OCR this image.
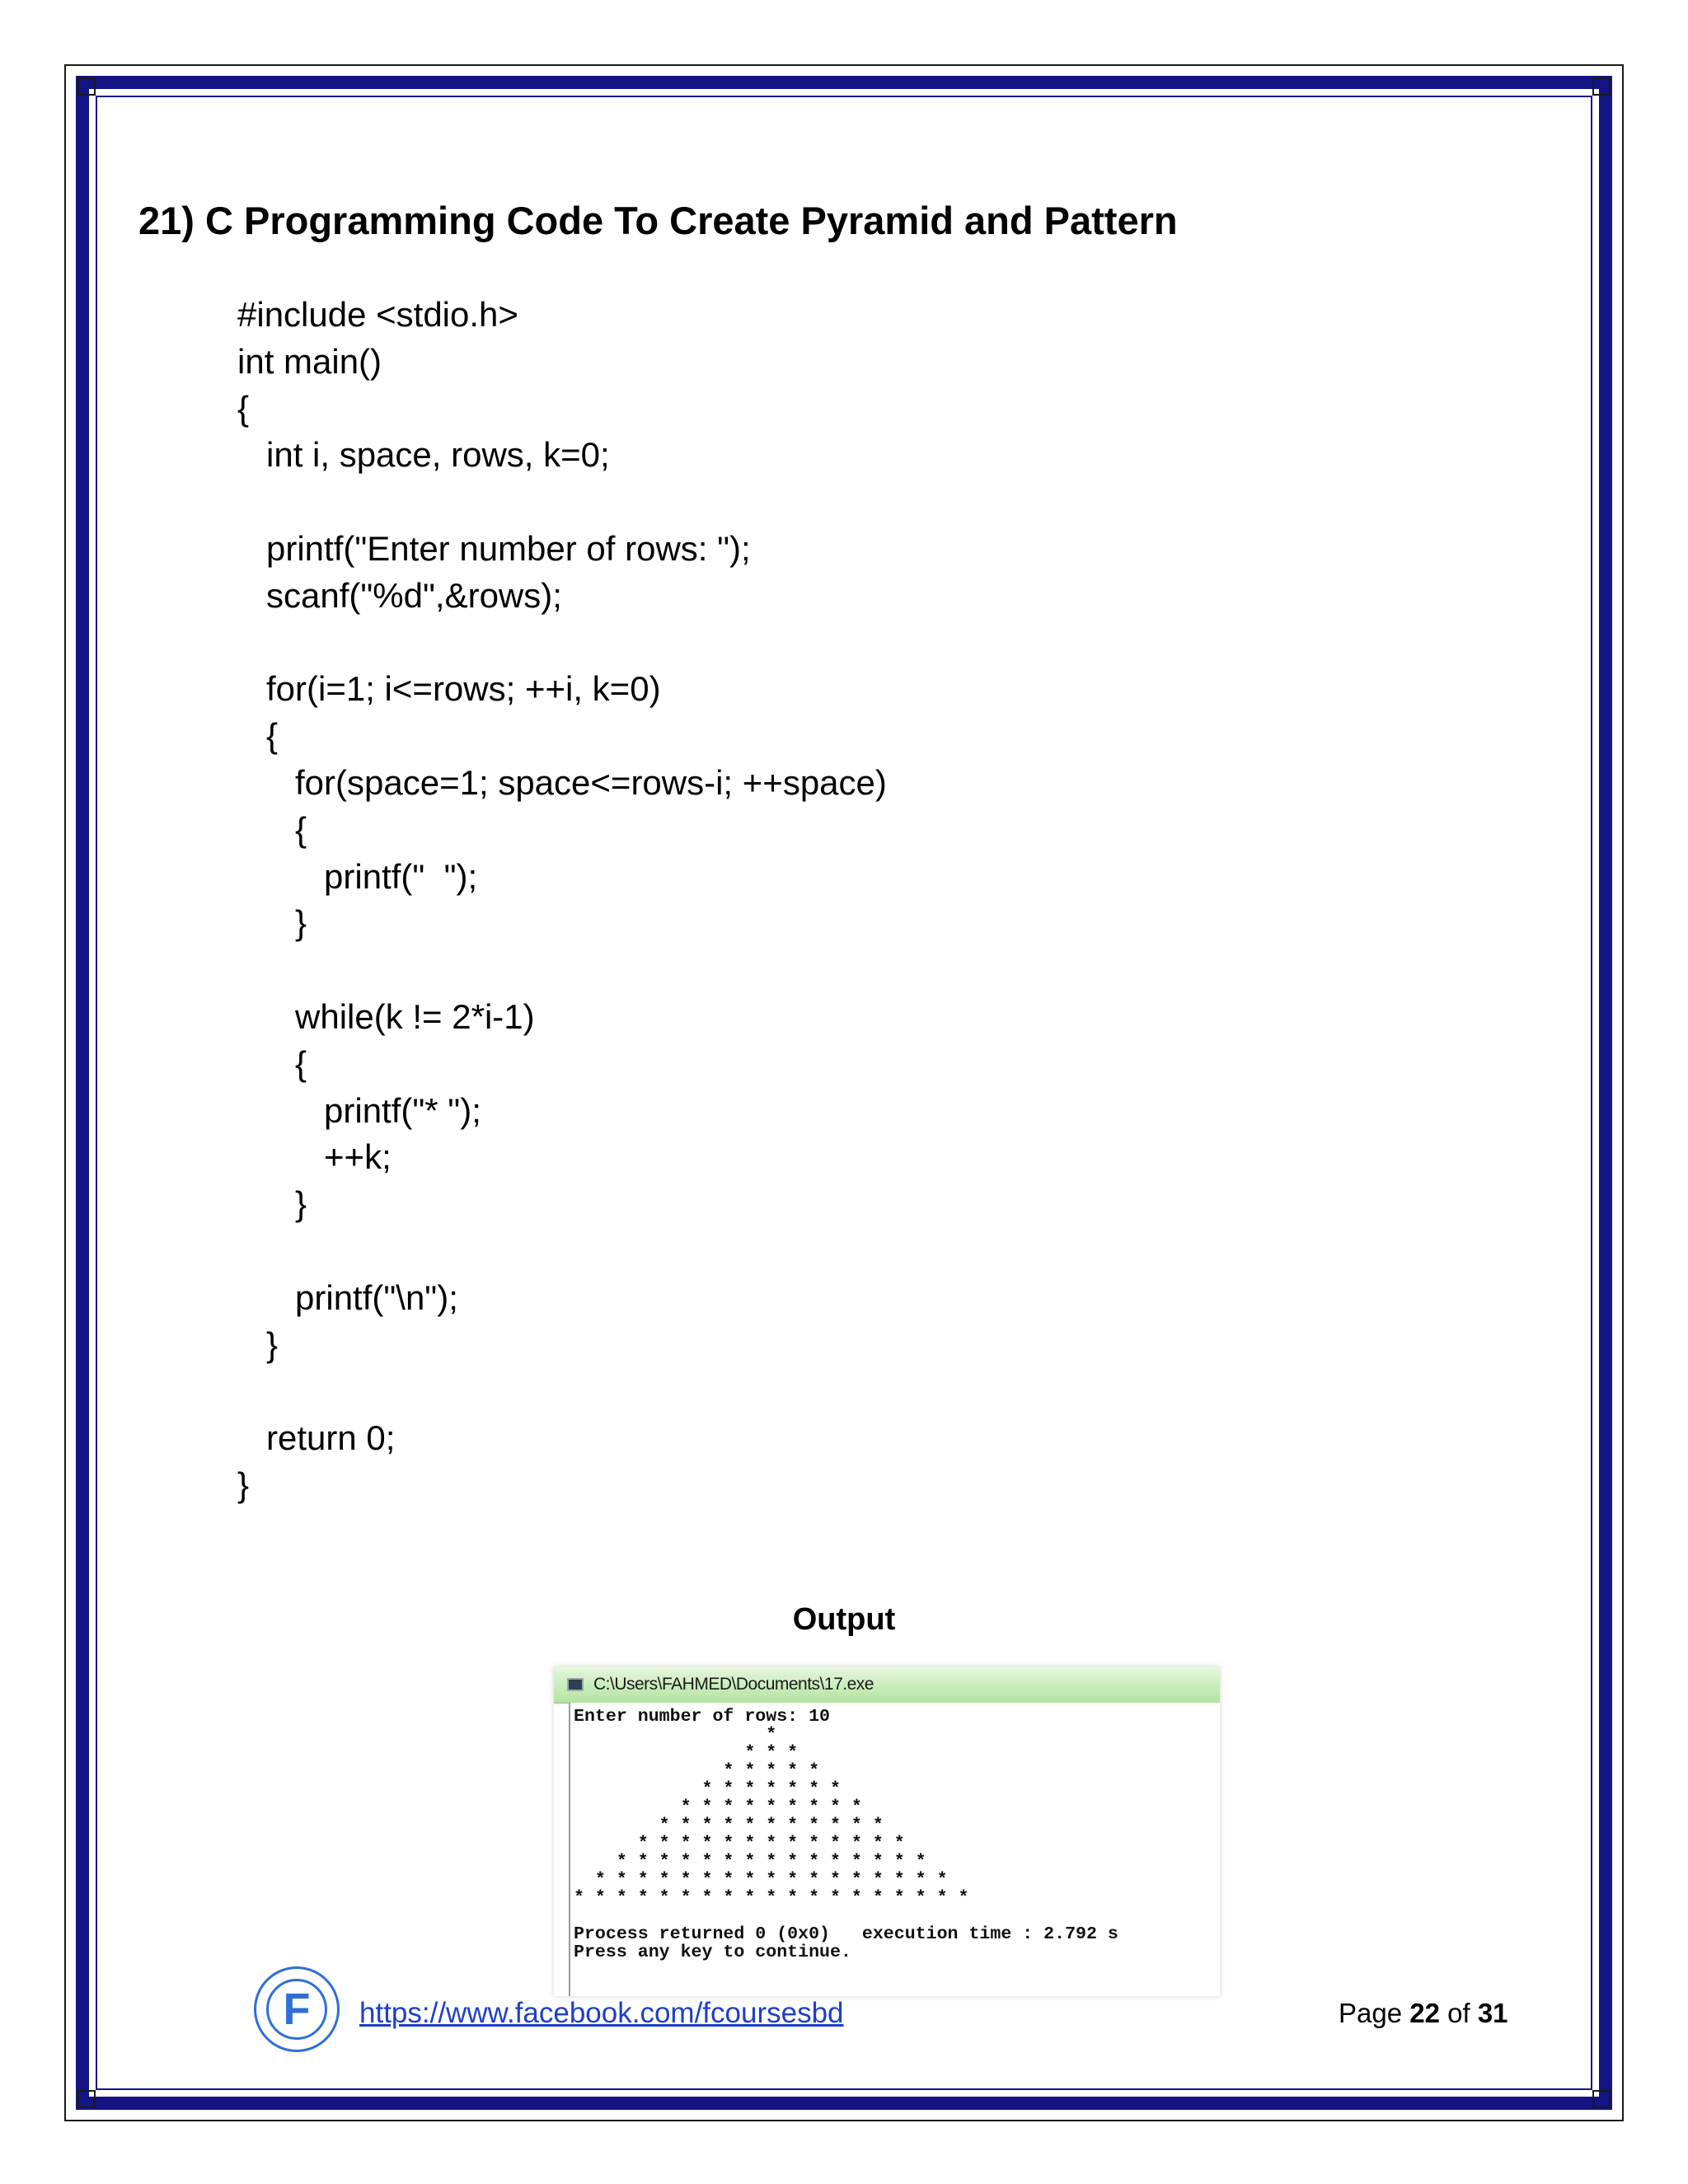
21) C Programming Code To Create Pyramid and Pattern
#include <stdio.h>
int main()
{
int i, space, rows, k=0;

printf("Enter number of rows: ");
scanf("%d",&rows);

for(i=1; i<=rows; ++i, k=0)
{
for(space=1; space<=rows-i; ++space)
{
printf("  ");
}

while(k != 2*i-1)
{
printf("* ");
++k;
}

printf("\n");
}

return 0;
}
Output
C:\Users\FAHMED\Documents\17.exe
Enter number of rows: 10
*
* * *
* * * * *
* * * * * * *
* * * * * * * * *
* * * * * * * * * * *
* * * * * * * * * * * * *
* * * * * * * * * * * * * * *
* * * * * * * * * * * * * * * * *
* * * * * * * * * * * * * * * * * * *

Process returned 0 (0x0)   execution time : 2.792 s
Press any key to continue.
F https://www.facebook.com/fcoursesbd	Page 22 of 31
